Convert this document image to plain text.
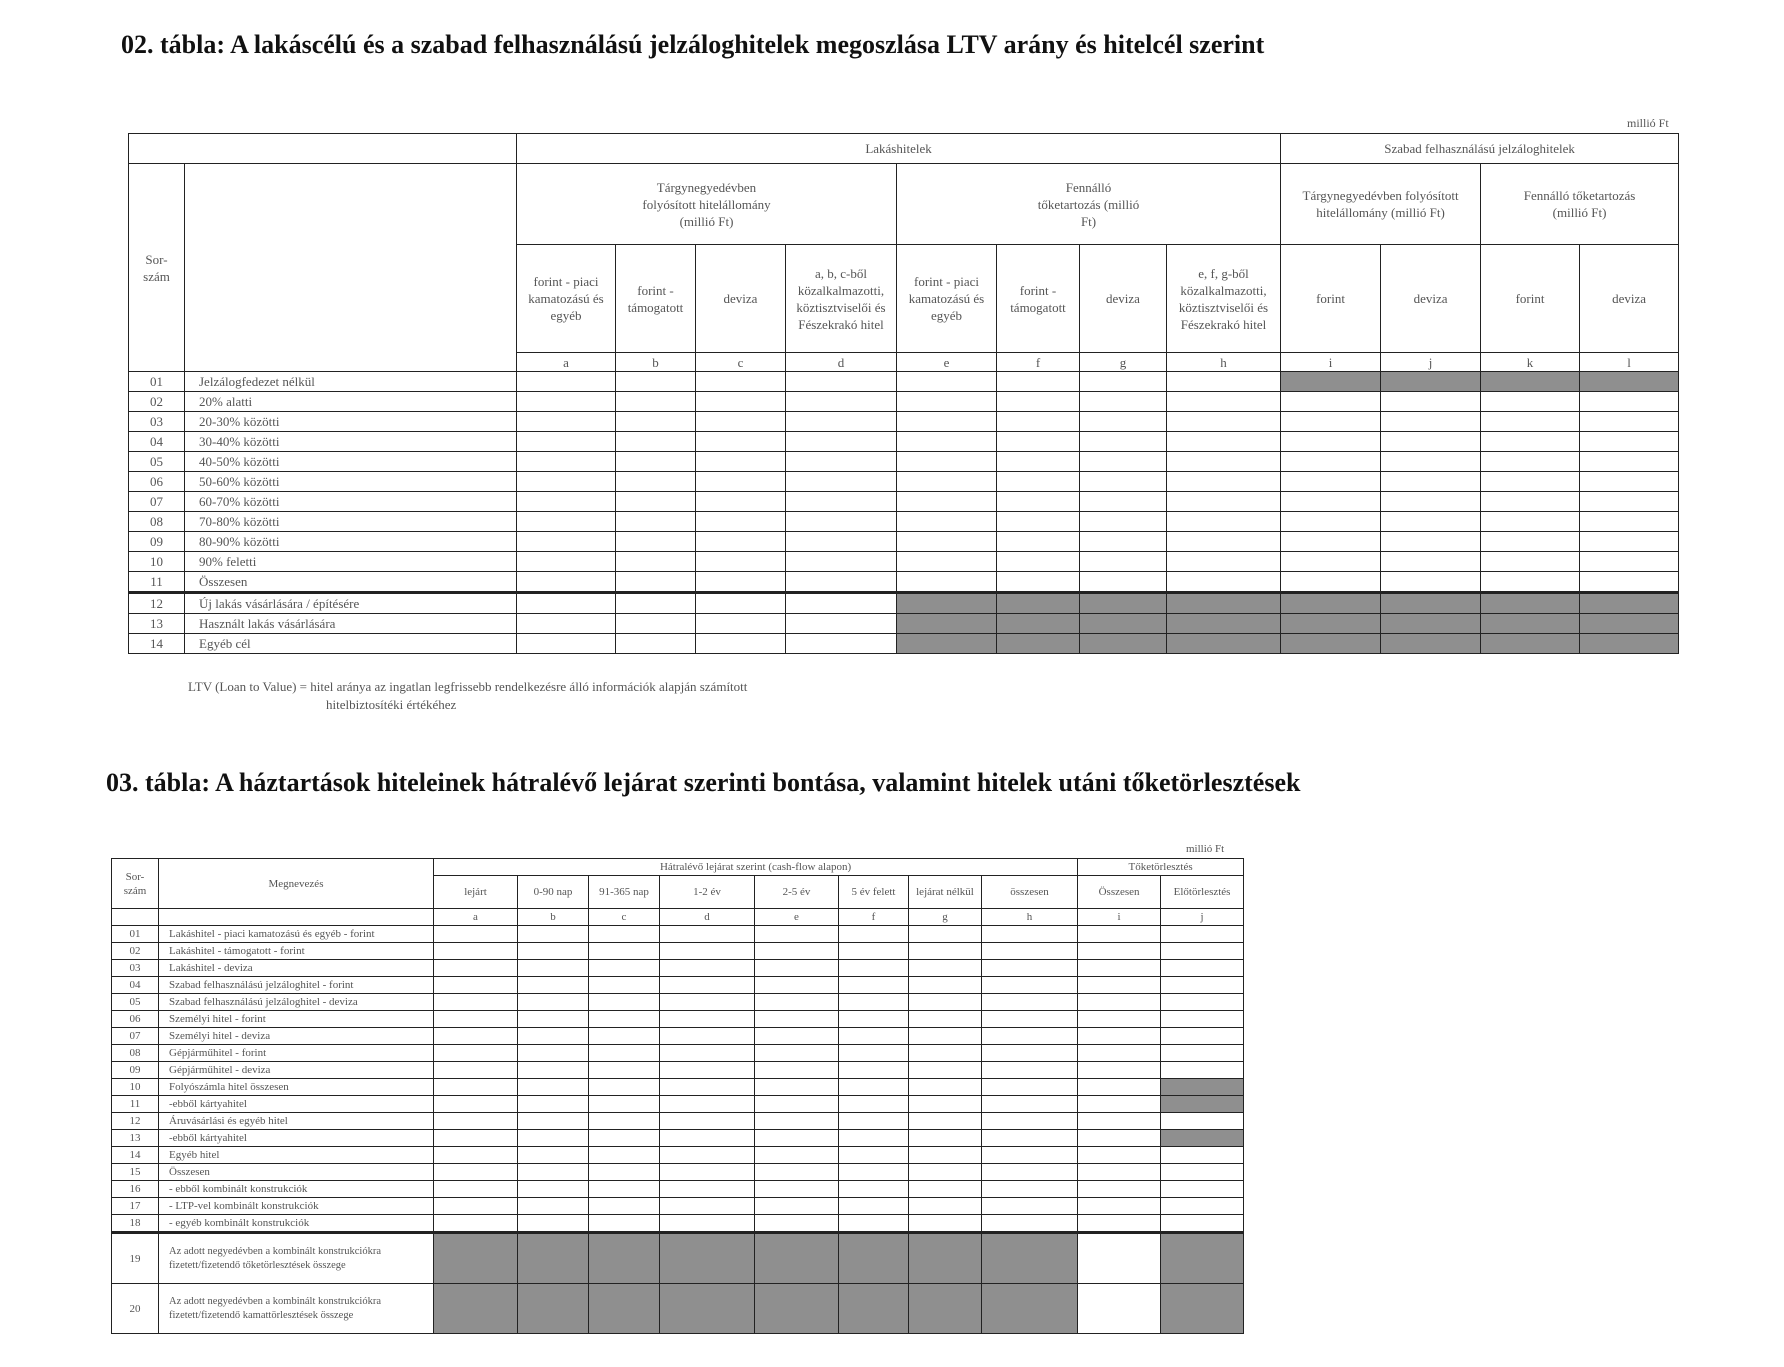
02. tábla: A lakáscélú és a szabad felhasználású jelzáloghitelek megoszlása LTV arány és hitelcél szerint
millió Ft
		Lakáshitelek								Szabad felhasználású jelzáloghitelek			
Sor-szám		Tárgynegyedévben folyósított hitelállomány (millió Ft)				Fennálló tőketartozás (millió Ft)				Tárgynegyedévben folyósított hitelállomány (millió Ft)		Fennálló tőketartozás (millió Ft)	
		forint - piaci kamatozású és egyéb	forint - támogatott	deviza	a, b, c-ből közalkalmazotti, köztisztviselői és Fészekrakó hitel	forint - piaci kamatozású és egyéb	forint - támogatott	deviza	e, f, g-ből közalkalmazotti, köztisztviselői és Fészekrakó hitel	forint	deviza	forint	deviza
		a	b	c	d	e	f	g	h	i	j	k	l
01	Jelzálogfedezet nélkül												
02	20% alatti												
03	20-30% közötti												
04	30-40% közötti												
05	40-50% közötti												
06	50-60% közötti												
07	60-70% közötti												
08	70-80% közötti												
09	80-90% közötti												
10	90% feletti												
11	Összesen												
12	Új lakás vásárlására / építésére												
13	Használt lakás vásárlására												
14	Egyéb cél												
LTV (Loan to Value) = hitel aránya az ingatlan legfrissebb rendelkezésre álló információk alapján számított
hitelbiztosítéki értékéhez
03. tábla: A háztartások hiteleinek hátralévő lejárat szerinti bontása, valamint hitelek utáni tőketörlesztések
millió Ft
Sor-szám	Megnevezés	Hátralévő lejárat szerint (cash-flow alapon)								Tőketörlesztés	
		lejárt	0-90 nap	91-365 nap	1-2 év	2-5 év	5 év felett	lejárat nélkül	összesen	Összesen	Előtörlesztés
		a	b	c	d	e	f	g	h	i	j
01	Lakáshitel - piaci kamatozású és egyéb - forint										
02	Lakáshitel - támogatott - forint										
03	Lakáshitel - deviza										
04	Szabad felhasználású jelzáloghitel - forint										
05	Szabad felhasználású jelzáloghitel - deviza										
06	Személyi hitel - forint										
07	Személyi hitel - deviza										
08	Gépjárműhitel - forint										
09	Gépjárműhitel - deviza										
10	Folyószámla hitel összesen										
11	-ebből kártyahitel										
12	Áruvásárlási és egyéb hitel										
13	-ebből kártyahitel										
14	Egyéb hitel										
15	Összesen										
16	- ebből kombinált konstrukciók										
17	- LTP-vel kombinált konstrukciók										
18	- egyéb kombinált konstrukciók										
19	Az adott negyedévben a kombinált konstrukciókra fizetett/fizetendő tőketörlesztések összege										
20	Az adott negyedévben a kombinált konstrukciókra fizetett/fizetendő kamattörlesztések összege										
